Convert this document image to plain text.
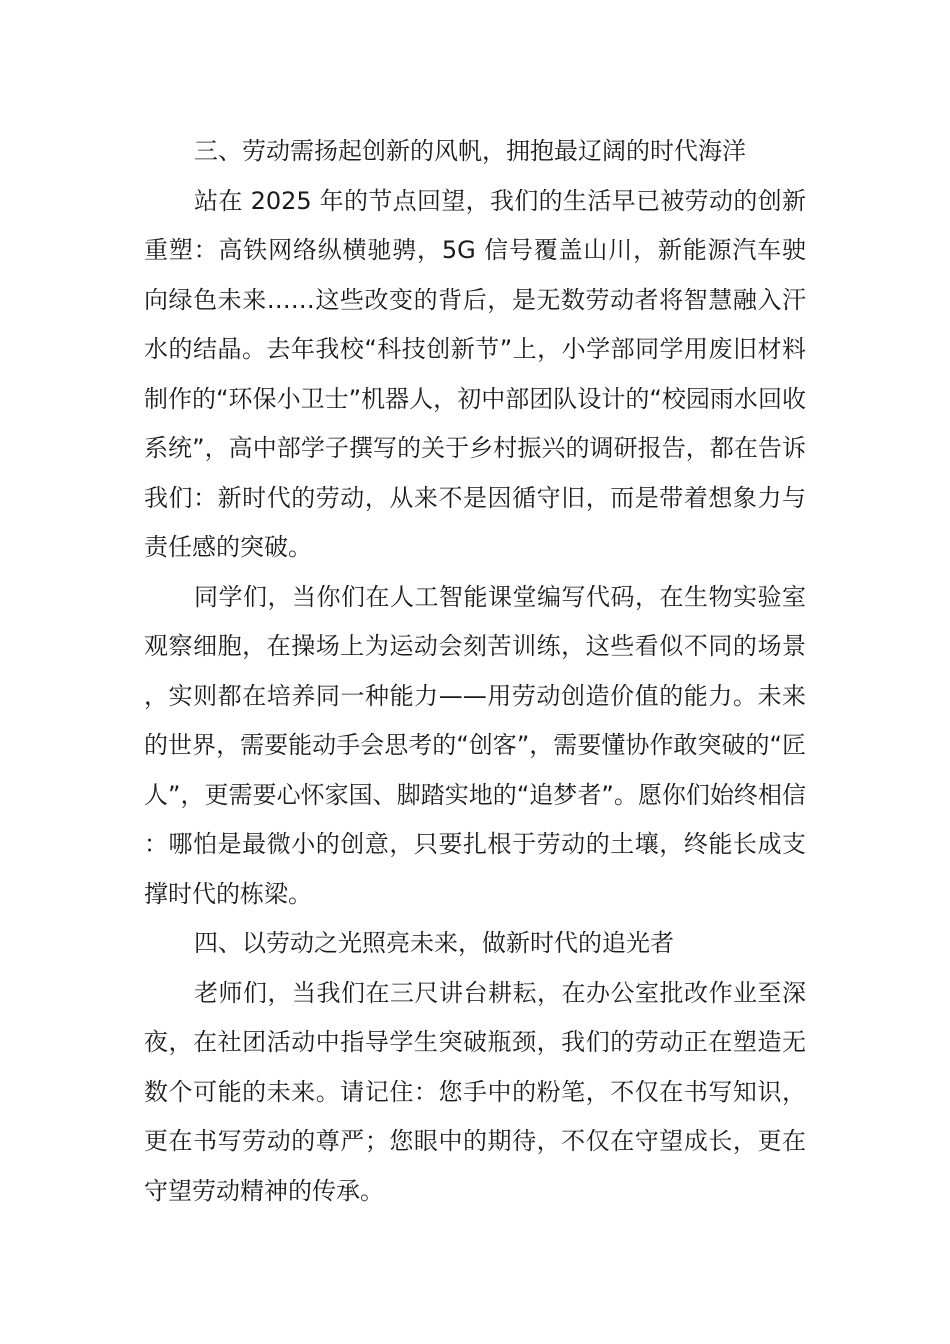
三、劳动需扬起创新的风帆，拥抱最辽阔的时代海洋

站在 2025 年的节点回望，我们的生活早已被劳动的创新重塑：高铁网络纵横驰骋，5G 信号覆盖山川，新能源汽车驶向绿色未来……这些改变的背后，是无数劳动者将智慧融入汗水的结晶。去年我校“科技创新节”上，小学部同学用废旧材料制作的“环保小卫士”机器人，初中部团队设计的“校园雨水回收系统”，高中部学子撰写的关于乡村振兴的调研报告，都在告诉我们：新时代的劳动，从来不是因循守旧，而是带着想象力与责任感的突破。

同学们，当你们在人工智能课堂编写代码，在生物实验室观察细胞，在操场上为运动会刻苦训练，这些看似不同的场景，实则都在培养同一种能力——用劳动创造价值的能力。未来的世界，需要能动手会思考的“创客”，需要懂协作敢突破的“匠人”，更需要心怀家国、脚踏实地的“追梦者”。愿你们始终相信：哪怕是最微小的创意，只要扎根于劳动的土壤，终能长成支撑时代的栋梁。

四、以劳动之光照亮未来，做新时代的追光者

老师们，当我们在三尺讲台耕耘，在办公室批改作业至深夜，在社团活动中指导学生突破瓶颈，我们的劳动正在塑造无数个可能的未来。请记住：您手中的粉笔，不仅在书写知识，更在书写劳动的尊严；您眼中的期待，不仅在守望成长，更在守望劳动精神的传承。
